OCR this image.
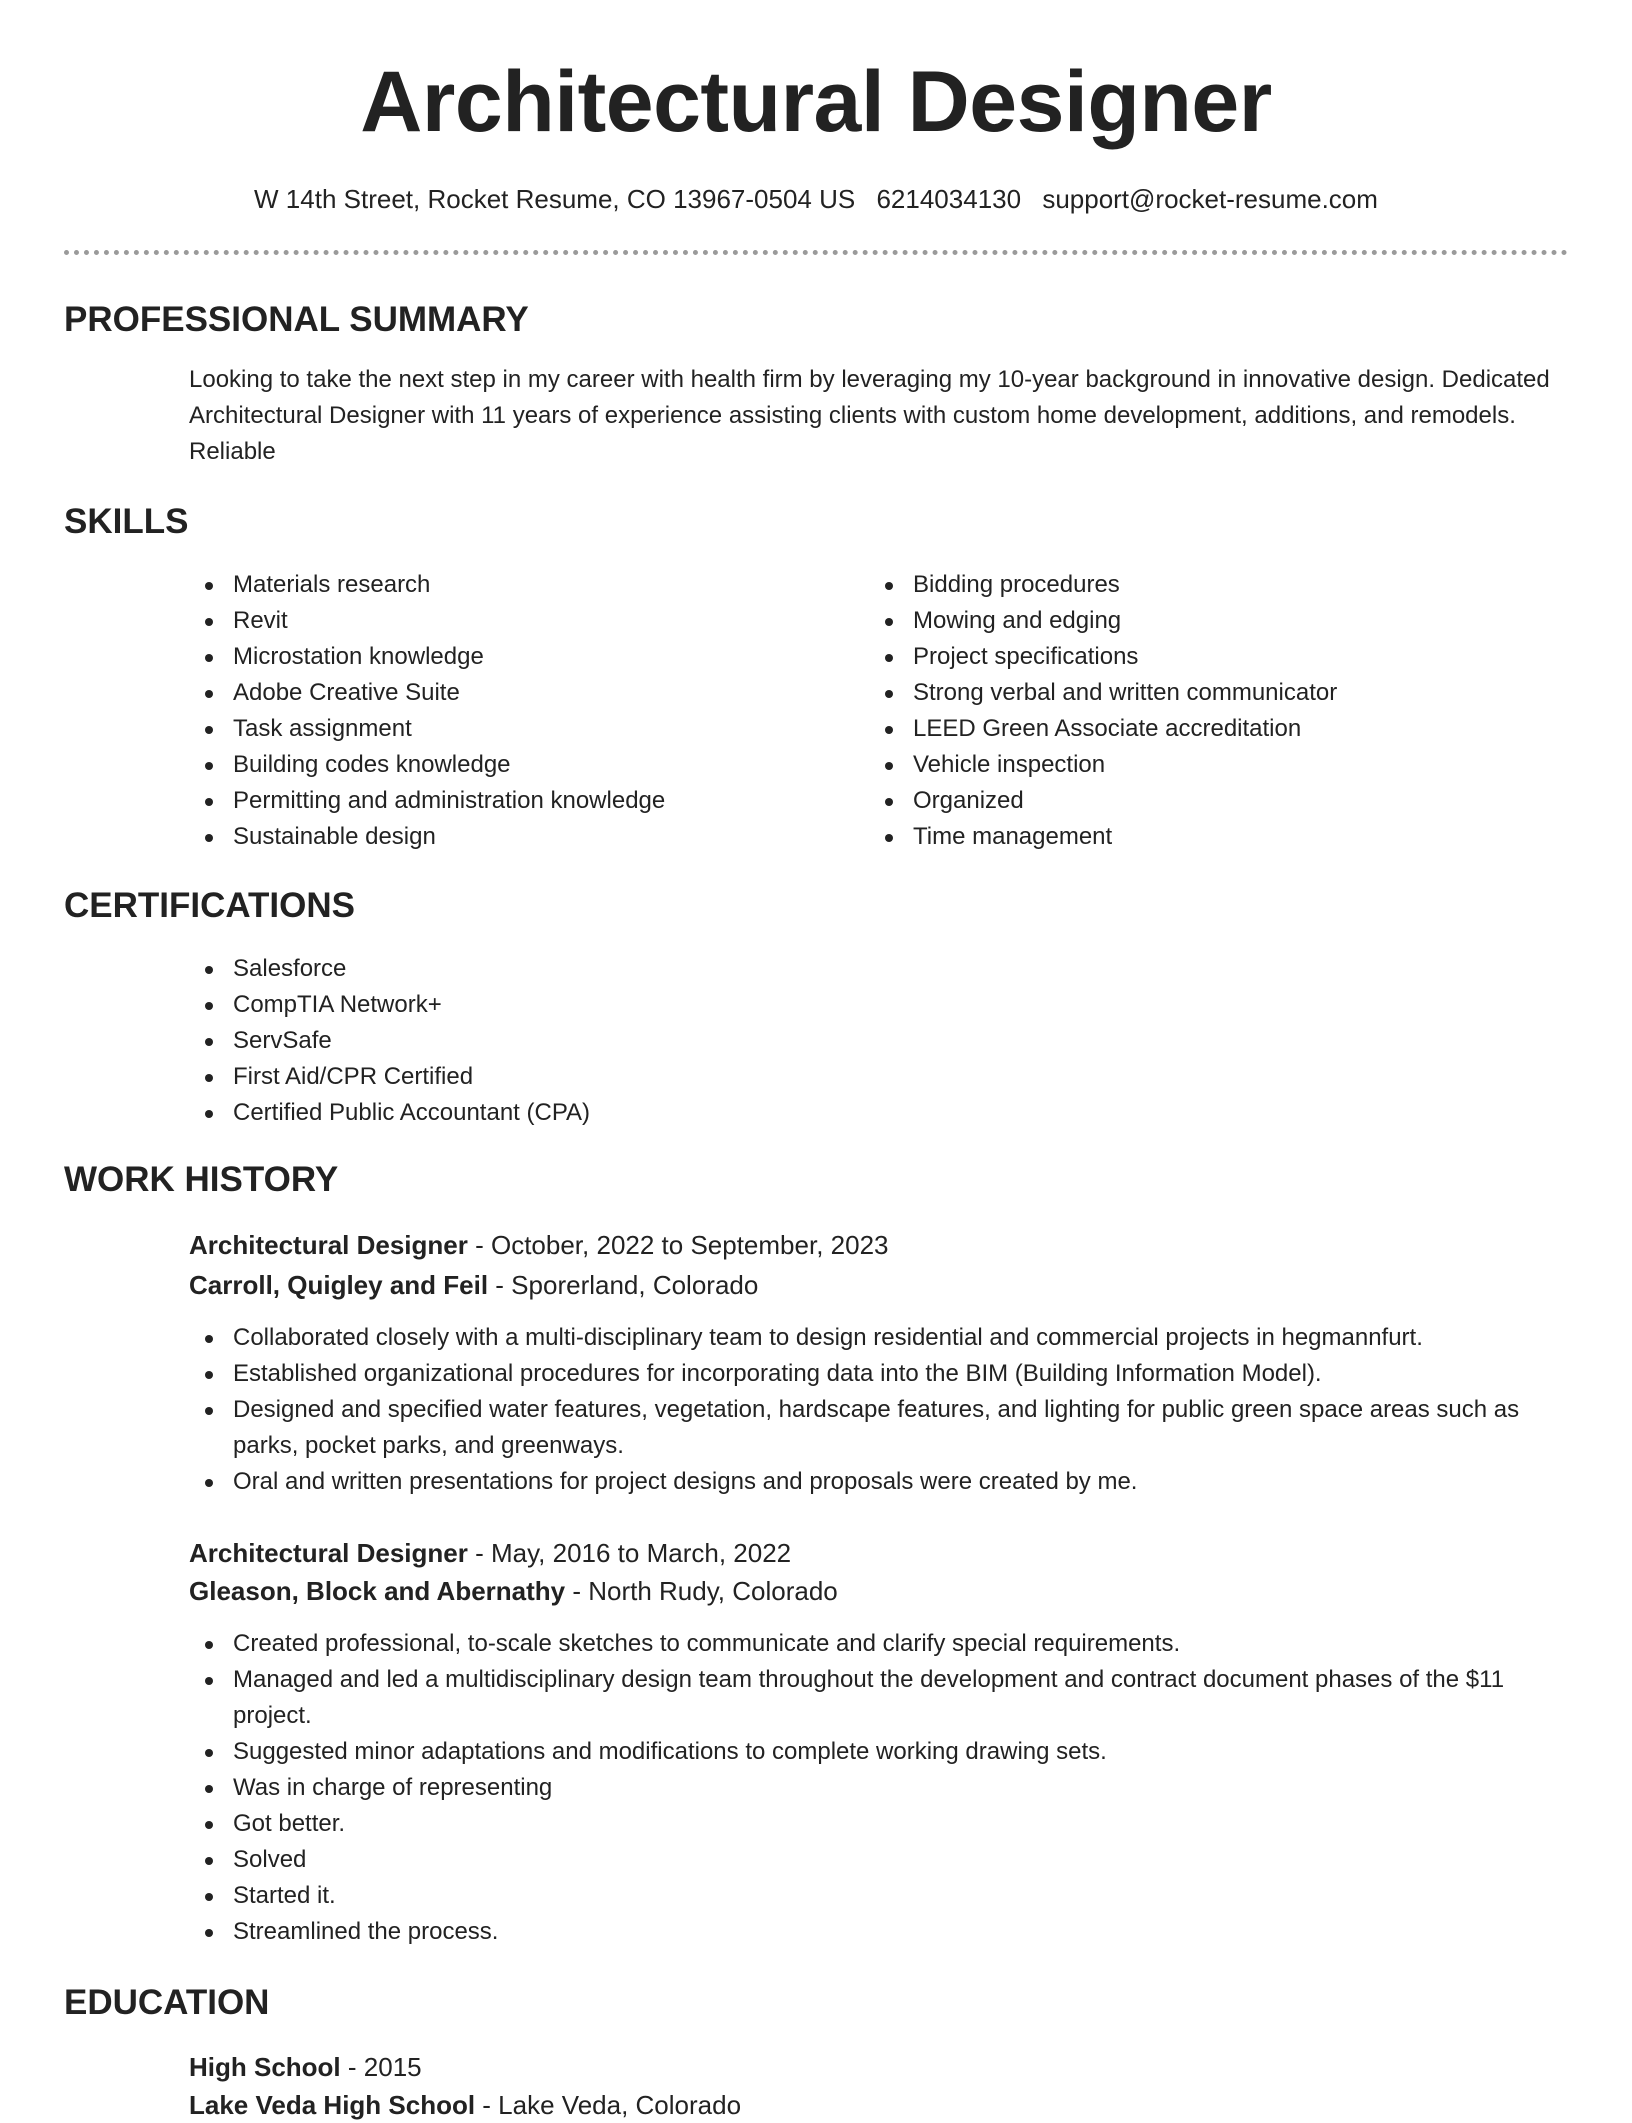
Architectural Designer
W 14th Street, Rocket Resume, CO 13967-0504 US 6214034130 support@rocket-resume.com
PROFESSIONAL SUMMARY

Looking to take the next step in my career with health firm by leveraging my 10-year background in innovative design. Dedicated Architectural Designer with 11 years of experience assisting clients with custom home development, additions, and remodels. Reliable

SKILLS
Materials research
Revit
Microstation knowledge
Adobe Creative Suite
Task assignment
Building codes knowledge
Permitting and administration knowledge
Sustainable design
Bidding procedures
Mowing and edging
Project specifications
Strong verbal and written communicator
LEED Green Associate accreditation
Vehicle inspection
Organized
Time management
CERTIFICATIONS
Salesforce
CompTIA Network+
ServSafe
First Aid/CPR Certified
Certified Public Accountant (CPA)
WORK HISTORY
Architectural Designer - October, 2022 to September, 2023
Carroll, Quigley and Feil - Sporerland, Colorado
Collaborated closely with a multi-disciplinary team to design residential and commercial projects in hegmannfurt.
Established organizational procedures for incorporating data into the BIM (Building Information Model).
Designed and specified water features, vegetation, hardscape features, and lighting for public green space areas such as parks, pocket parks, and greenways.
Oral and written presentations for project designs and proposals were created by me.
Architectural Designer - May, 2016 to March, 2022
Gleason, Block and Abernathy - North Rudy, Colorado
Created professional, to-scale sketches to communicate and clarify special requirements.
Managed and led a multidisciplinary design team throughout the development and contract document phases of the $11 project.
Suggested minor adaptations and modifications to complete working drawing sets.
Was in charge of representing
Got better.
Solved
Started it.
Streamlined the process.
EDUCATION
High School - 2015
Lake Veda High School - Lake Veda, Colorado
